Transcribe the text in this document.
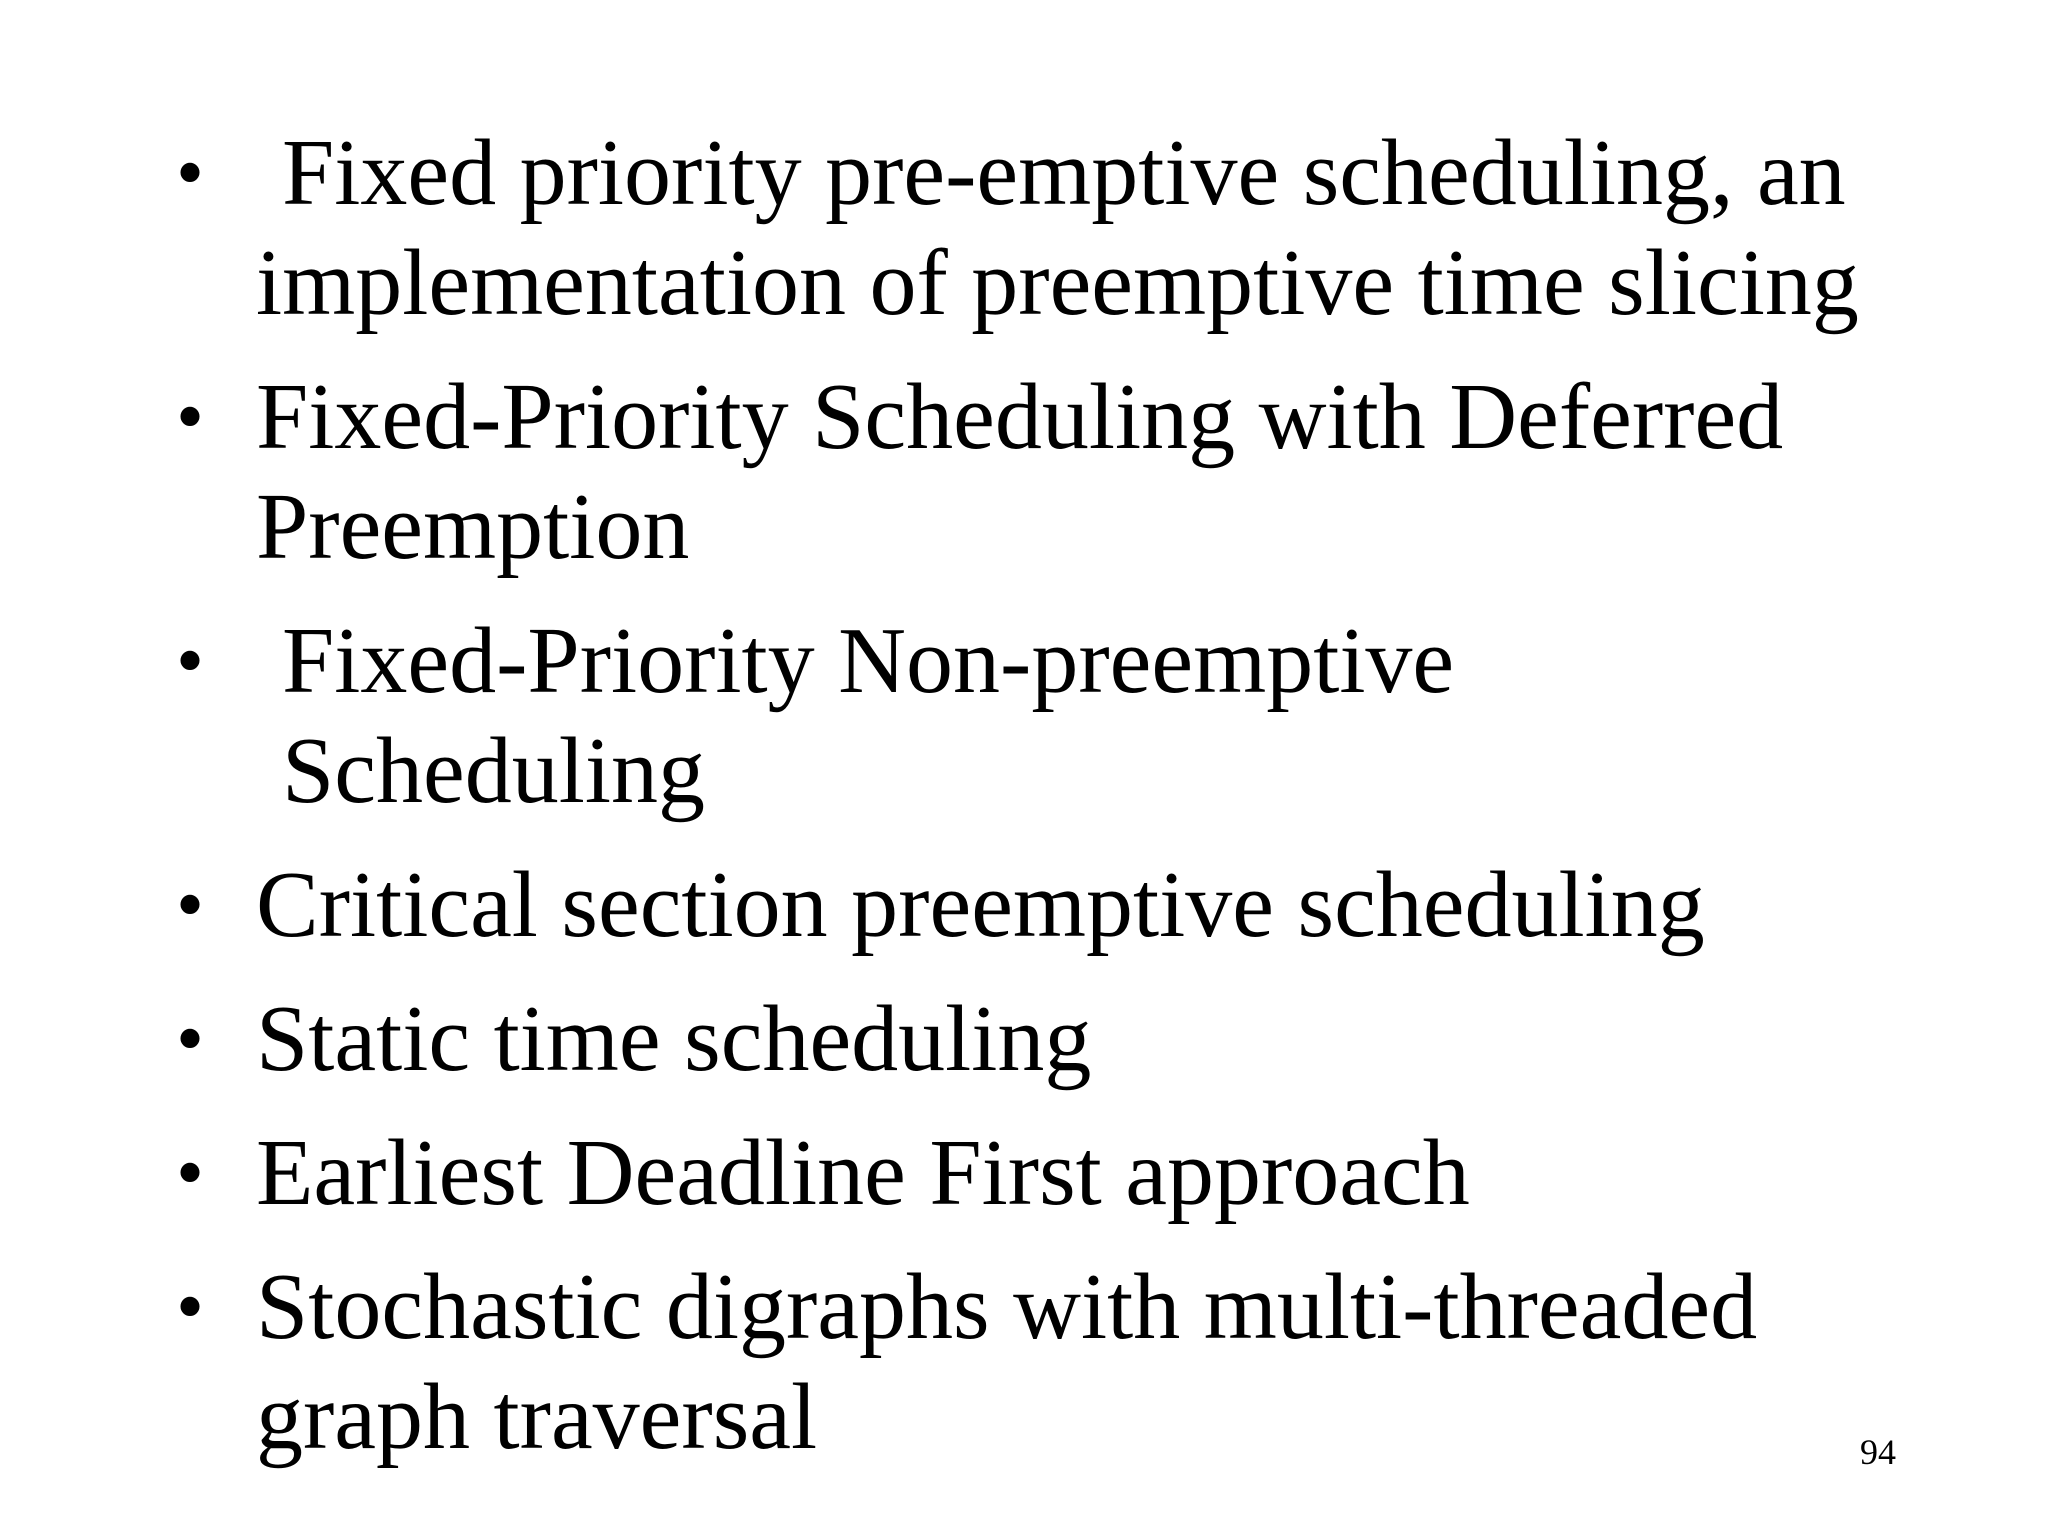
• Fixed priority pre-emptive scheduling, an
implementation of preemptive time slicing
• Fixed-Priority Scheduling with Deferred
Preemption
• Fixed-Priority Non-preemptive Scheduling
• Critical section preemptive scheduling
• Static time scheduling
• Earliest Deadline First approach
• Stochastic digraphs with multi-threaded
graph traversal	94
